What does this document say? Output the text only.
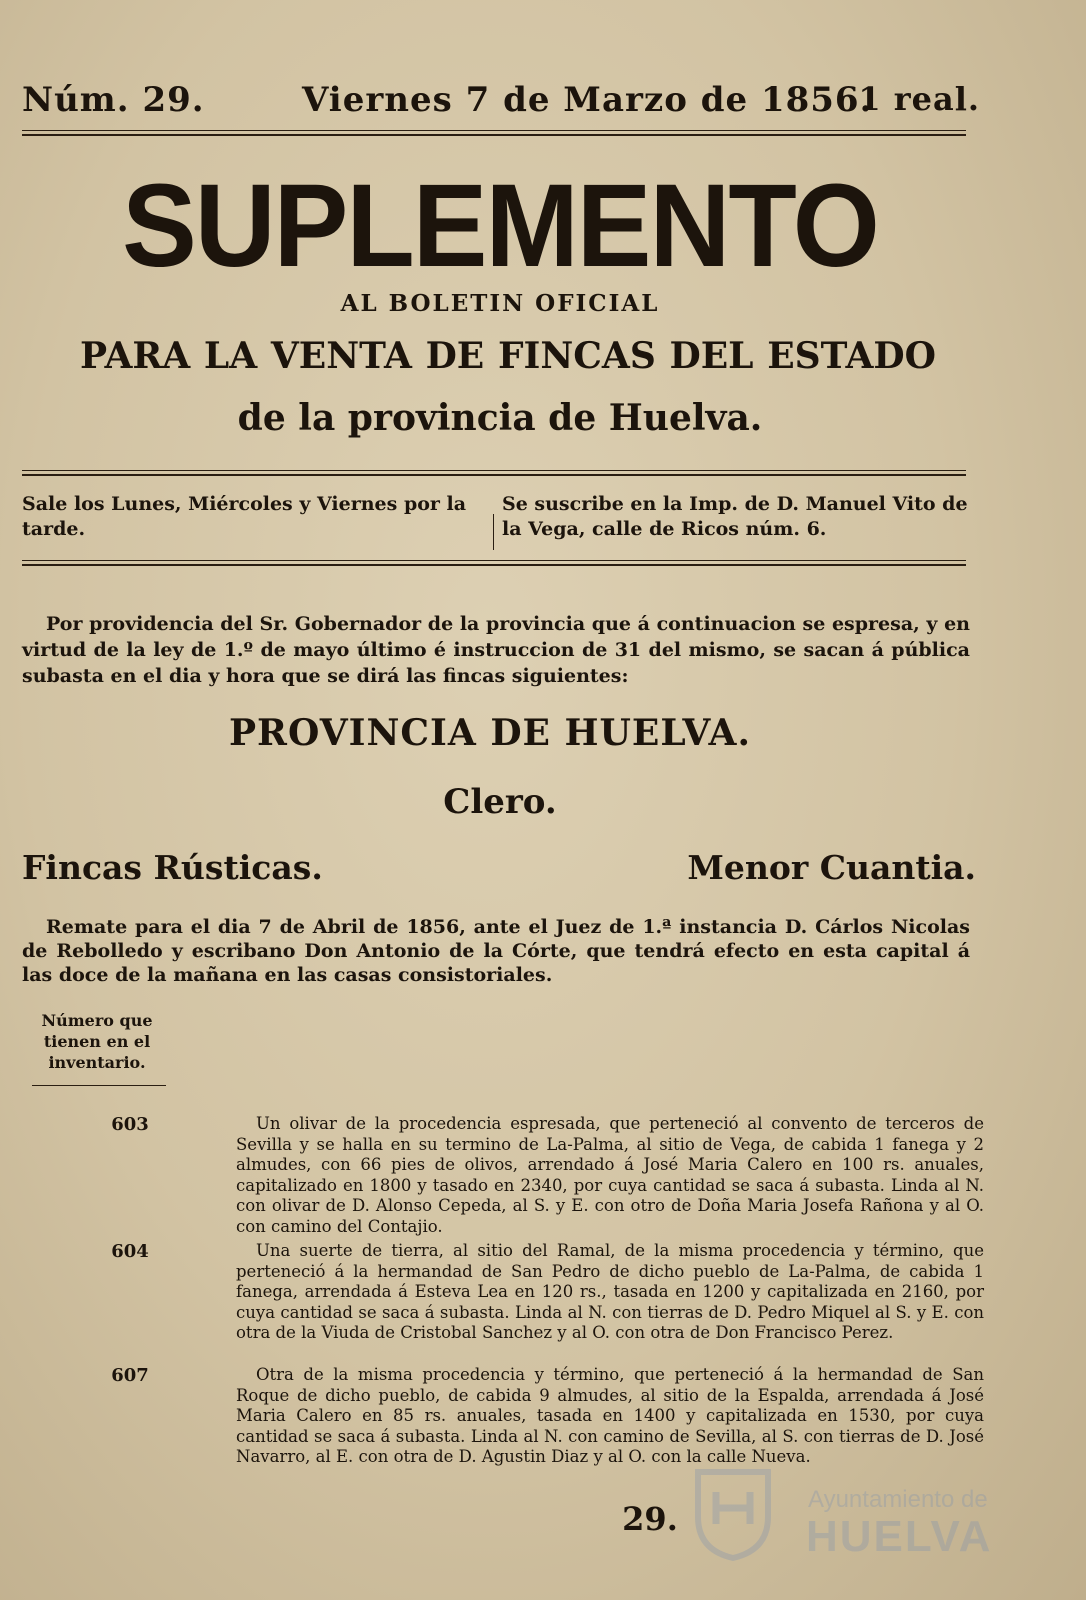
Núm. 29.	Viernes 7 de Marzo de 1856.
1 real.
SUPLEMENTO
AL BOLETIN OFICIAL
PARA LA VENTA DE FINCAS DEL ESTADO
de la provincia de Huelva.
Sale los Lunes, Miércoles y Viernes por la tarde.
Se suscribe en la Imp. de D. Manuel Vito de la Vega, calle de Ricos núm. 6.
Por providencia del Sr. Gobernador de la provincia que á continuacion se espresa, y en virtud de la ley de 1.º de mayo último é instruccion de 31 del mismo, se sacan á pública subasta en el dia y hora que se dirá las fincas siguientes:
PROVINCIA DE HUELVA.
Clero.
Fincas Rústicas.	Menor Cuantia.
Remate para el dia 7 de Abril de 1856, ante el Juez de 1.ª instancia D. Cárlos Nicolas de Rebolledo y escribano Don Antonio de la Córte, que tendrá efecto en esta capital á las doce de la mañana en las casas consistoriales.
Número que tienen en el inventario.
603	Un olivar de la procedencia espresada, que perteneció al convento de terceros de Sevilla y se halla en su termino de La-Palma, al sitio de Vega, de cabida 1 fanega y 2 almudes, con 66 pies de olivos, arrendado á José Maria Calero en 100 rs. anuales, capitalizado en 1800 y tasado en 2340, por cuya cantidad se saca á subasta. Linda al N. con olivar de D. Alonso Cepeda, al S. y E. con otro de Doña Maria Josefa Rañona y al O. con camino del Contajio.
604	Una suerte de tierra, al sitio del Ramal, de la misma procedencia y término, que perteneció á la hermandad de San Pedro de dicho pueblo de La-Palma, de cabida 1 fanega, arrendada á Esteva Lea en 120 rs., tasada en 1200 y capitalizada en 2160, por cuya cantidad se saca á subasta. Linda al N. con tierras de D. Pedro Miquel al S. y E. con otra de la Viuda de Cristobal Sanchez y al O. con otra de Don Francisco Perez.
607	Otra de la misma procedencia y término, que perteneció á la hermandad de San Roque de dicho pueblo, de cabida 9 almudes, al sitio de la Espalda, arrendada á José Maria Calero en 85 rs. anuales, tasada en 1400 y capitalizada en 1530, por cuya cantidad se saca á subasta. Linda al N. con camino de Sevilla, al S. con tierras de D. José Navarro, al E. con otra de D. Agustin Diaz y al O. con la calle Nueva.
29.
Ayuntamiento de
HUELVA
